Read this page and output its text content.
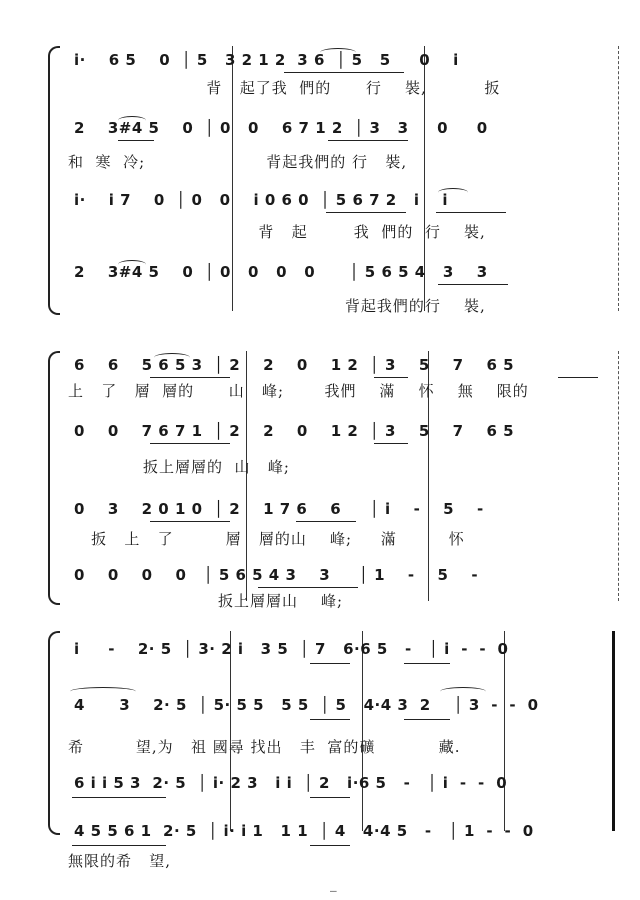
i·    6 5    0  │ 5   3 2 1 2  3 6  │ 5   5     0    i
背   起了我  們的      行    裝,          扳
2    3#4 5    0  │ 0   0    6 7 1 2  │ 3   3     0     0
和  寒  冷;                     背起我們的 行   裝,
i·    i 7    0  │ 0   0    i 0 6 0  │ 5 6 7 2   i    i
背   起        我  們的  行    裝,
2    3#4 5    0  │ 0   0   0   0      │ 5 6 5 4   3    3
背起我們的行    裝,
6    6    5 6 5 3  │ 2    2    0    1 2  │ 3    5    7    6 5
上   了   層  層的      山   峰;       我們    滿    怀    無    限的
0    0    7 6 7 1  │ 2    2    0    1 2  │ 3    5    7    6 5
扳上層層的  山   峰;
0    3    2 0 1 0  │ 2    1 7 6    6     │ i    -    5    -
扳   上   了         層   層的山    峰;     滿         怀
0    0    0    0   │ 5 6 5 4 3    3     │ 1    -    5    -
扳上層層山    峰;
i     -    2· 5  │ 3· 2 i   3 5  │ 7   6·6 5   -   │ i  -  -  0
4      3    2· 5  │ 5· 5 5   5 5  │ 5   4·4 3  2    │ 3  -  -  0
希         望,为   祖 國尋 找出   丰  富的礦           藏.
6 i i 5 3  2· 5  │ i· 2 3   i i  │ 2   i·6 5   -   │ i  -  -  0
4 5 5 6 1  2· 5  │ i· i 1   1 1  │ 4   4·4 5   -   │ 1  -  -  0
無限的希   望,
—
